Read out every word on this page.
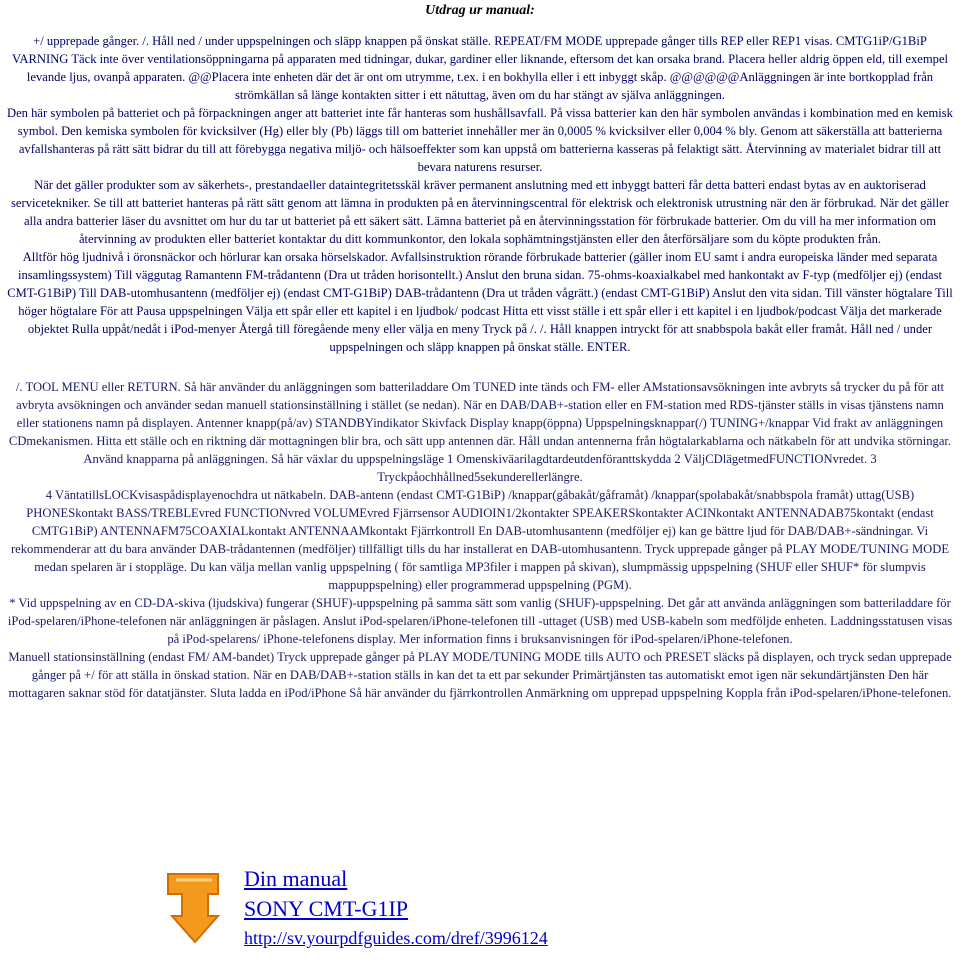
Utdrag ur manual:

+/ upprepade gånger. /. Håll ned / under uppspelningen och släpp knappen på önskat ställe. REPEAT/FM MODE upprepade gånger tills REP eller REP1 visas. CMTG1iP/G1BiP VARNING Täck inte över ventilationsöppningarna på apparaten med tidningar, dukar, gardiner eller liknande, eftersom det kan orsaka brand. Placera heller aldrig öppen eld, till exempel levande ljus, ovanpå apparaten. @@Placera inte enheten där det är ont om utrymme, t.ex. i en bokhylla eller i ett inbyggt skåp. @@@@@@Anläggningen är inte bortkopplad från strömkällan så länge kontakten sitter i ett nätuttag, även om du har stängt av själva anläggningen.

Den här symbolen på batteriet och på förpackningen anger att batteriet inte får hanteras som hushållsavfall. På vissa batterier kan den här symbolen användas i kombination med en kemisk symbol. Den kemiska symbolen för kvicksilver (Hg) eller bly (Pb) läggs till om batteriet innehåller mer än 0,0005 % kvicksilver eller 0,004 % bly. Genom att säkerställa att batterierna avfallshanteras på rätt sätt bidrar du till att förebygga negativa miljö- och hälsoeffekter som kan uppstå om batterierna kasseras på felaktigt sätt. Återvinning av materialet bidrar till att bevara naturens resurser.

När det gäller produkter som av säkerhets-, prestandaeller dataintegritetsskäl kräver permanent anslutning med ett inbyggt batteri får detta batteri endast bytas av en auktoriserad servicetekniker. Se till att batteriet hanteras på rätt sätt genom att lämna in produkten på en återvinningscentral för elektrisk och elektronisk utrustning när den är förbrukad. När det gäller alla andra batterier läser du avsnittet om hur du tar ut batteriet på ett säkert sätt. Lämna batteriet på en återvinningsstation för förbrukade batterier. Om du vill ha mer information om återvinning av produkten eller batteriet kontaktar du ditt kommunkontor, den lokala sophämtningstjänsten eller den återförsäljare som du köpte produkten från.

Alltför hög ljudnivå i öronsnäckor och hörlurar kan orsaka hörselskador. Avfallsinstruktion rörande förbrukade batterier (gäller inom EU samt i andra europeiska länder med separata insamlingssystem) Till väggutag Ramantenn FM-trådantenn (Dra ut tråden horisontellt.) Anslut den bruna sidan. 75-ohms-koaxialkabel med hankontakt av F-typ (medföljer ej) (endast CMT-G1BiP) Till DAB-utomhusantenn (medföljer ej) (endast CMT-G1BiP) DAB-trådantenn (Dra ut tråden vågrätt.) (endast CMT-G1BiP) Anslut den vita sidan. Till vänster högtalare Till höger högtalare För att Pausa uppspelningen Välja ett spår eller ett kapitel i en ljudbok/ podcast Hitta ett visst ställe i ett spår eller i ett kapitel i en ljudbok/podcast Välja det markerade objektet Rulla uppåt/nedåt i iPod-menyer Återgå till föregående meny eller välja en meny Tryck på /. /. Håll knappen intryckt för att snabbspola bakåt eller framåt. Håll ned / under uppspelningen och släpp knappen på önskat ställe. ENTER.

/. TOOL MENU eller RETURN. Så här använder du anläggningen som batteriladdare Om TUNED inte tänds och FM- eller AMstationsavsökningen inte avbryts så trycker du på för att avbryta avsökningen och använder sedan manuell stationsinställning i stället (se nedan). När en DAB/DAB+-station eller en FM-station med RDS-tjänster ställs in visas tjänstens namn eller stationens namn på displayen. Antenner knapp(på/av) STANDBYindikator Skivfack Display knapp(öppna) Uppspelningsknappar(/) TUNING+/knappar Vid frakt av anläggningen CDmekanismen. Hitta ett ställe och en riktning där mottagningen blir bra, och sätt upp antennen där. Håll undan antennerna från högtalarkablarna och nätkabeln för att undvika störningar. Använd knapparna på anläggningen. Så här växlar du uppspelningsläge 1 Omenskiväarilagdtardeutdenföranttskydda 2 VäljCDlägetmedFUNCTIONvredet. 3 Tryckpåochhållned5sekunderellerlängre.

4 VäntatillsLOCKvisaspådisplayenochdra ut nätkabeln. DAB-antenn (endast CMT-G1BiP) /knappar(gåbakåt/gåframåt) /knappar(spolabakåt/snabbspola framåt) uttag(USB) PHONESkontakt BASS/TREBLEvred FUNCTIONvred VOLUMEvred Fjärrsensor AUDIOIN1/2kontakter SPEAKERSkontakter ACINkontakt ANTENNADAB75kontakt (endast CMTG1BiP) ANTENNAFM75COAXIALkontakt ANTENNAAMkontakt Fjärrkontroll En DAB-utomhusantenn (medföljer ej) kan ge bättre ljud för DAB/DAB+-sändningar. Vi rekommenderar att du bara använder DAB-trådantennen (medföljer) tillfälligt tills du har installerat en DAB-utomhusantenn. Tryck upprepade gånger på PLAY MODE/TUNING MODE medan spelaren är i stoppläge. Du kan välja mellan vanlig uppspelning ( för samtliga MP3filer i mappen på skivan), slumpmässig uppspelning (SHUF eller SHUF* för slumpvis mappuppspelning) eller programmerad uppspelning (PGM).

* Vid uppspelning av en CD-DA-skiva (ljudskiva) fungerar (SHUF)-uppspelning på samma sätt som vanlig (SHUF)-uppspelning. Det går att använda anläggningen som batteriladdare för iPod-spelaren/iPhone-telefonen när anläggningen är påslagen. Anslut iPod-spelaren/iPhone-telefonen till -uttaget (USB) med USB-kabeln som medföljde enheten. Laddningsstatusen visas på iPod-spelarens/ iPhone-telefonens display. Mer information finns i bruksanvisningen för iPod-spelaren/iPhone-telefonen.

Manuell stationsinställning (endast FM/ AM-bandet) Tryck upprepade gånger på PLAY MODE/TUNING MODE tills AUTO och PRESET släcks på displayen, och tryck sedan upprepade gånger på +/ för att ställa in önskad station. När en DAB/DAB+-station ställs in kan det ta ett par sekunder Primärtjänsten tas automatiskt emot igen när sekundärtjänsten Den här mottagaren saknar stöd för datatjänster. Sluta ladda en iPod/iPhone Så här använder du fjärrkontrollen Anmärkning om upprepad uppspelning Koppla från iPod-spelaren/iPhone-telefonen.

Din manual
SONY CMT-G1IP
http://sv.yourpdfguides.com/dref/3996124
